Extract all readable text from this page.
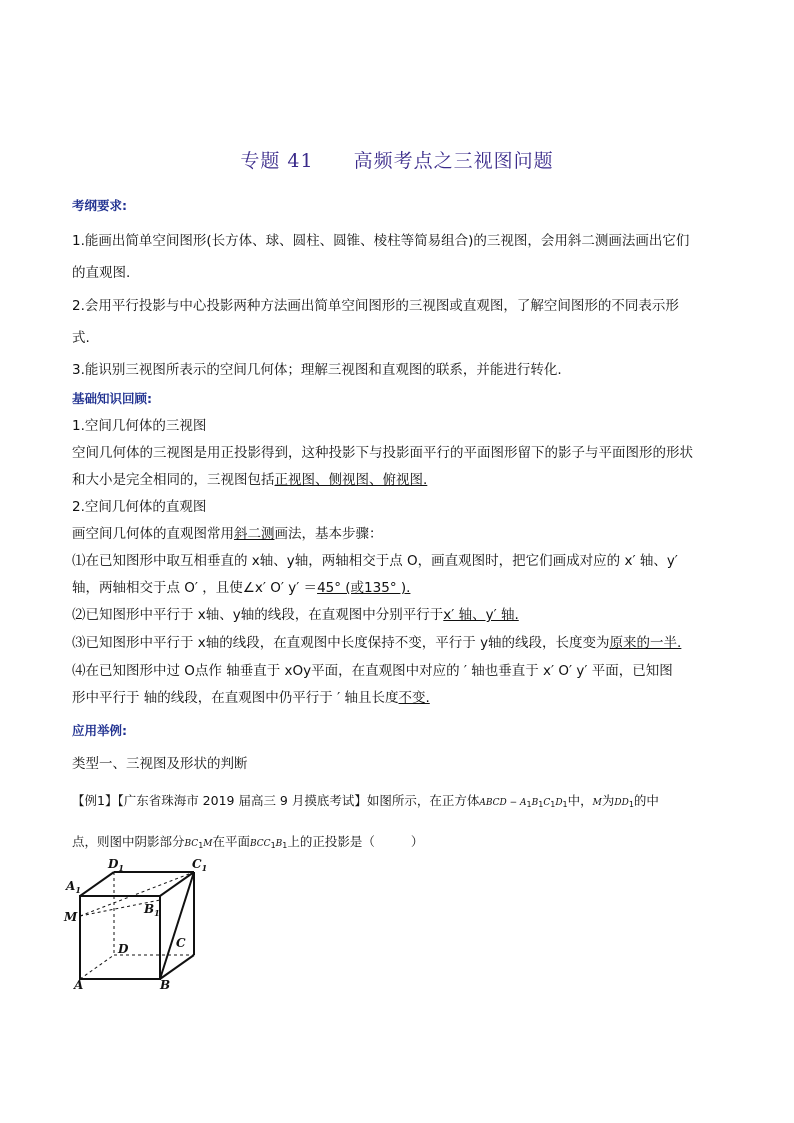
专题 41 高频考点之三视图问题
考纲要求:
1.能画出简单空间图形(长方体、球、圆柱、圆锥、棱柱等简易组合)的三视图，会用斜二测画法画出它们
的直观图.
2.会用平行投影与中心投影两种方法画出简单空间图形的三视图或直观图，了解空间图形的不同表示形
式.
3.能识别三视图所表示的空间几何体；理解三视图和直观图的联系，并能进行转化.
基础知识回顾:
1.空间几何体的三视图
空间几何体的三视图是用正投影得到，这种投影下与投影面平行的平面图形留下的影子与平面图形的形状
和大小是完全相同的，三视图包括正视图、侧视图、俯视图.
2.空间几何体的直观图
画空间几何体的直观图常用斜二测画法，基本步骤：
⑴在已知图形中取互相垂直的 x轴、y轴，两轴相交于点 O，画直观图时，把它们画成对应的 x′ 轴、y′
轴，两轴相交于点 O′ ，且使∠x′ O′ y′ ＝45° (或135° ).
⑵已知图形中平行于 x轴、y轴的线段，在直观图中分别平行于x′ 轴、y′ 轴.
⑶已知图形中平行于 x轴的线段，在直观图中长度保持不变，平行于 y轴的线段，长度变为原来的一半.
⑷在已知图形中过 O点作 轴垂直于 xOy平面，在直观图中对应的 ′ 轴也垂直于 x′ O′ y′ 平面，已知图
形中平行于 轴的线段，在直观图中仍平行于 ′ 轴且长度不变.
应用举例:
类型一、三视图及形状的判断
【例1】【广东省珠海市 2019 届高三 9 月摸底考试】如图所示，在正方体ABCD − $A_1B_1C_1D_1$中，M为$DD_1$的中
点，则图中阴影部分$BC_1M$在平面$BCC_1B_1$上的正投影是（	）
$A_1$
$D_1$	$C_1$
$B_1$
M
C
D
A	B
